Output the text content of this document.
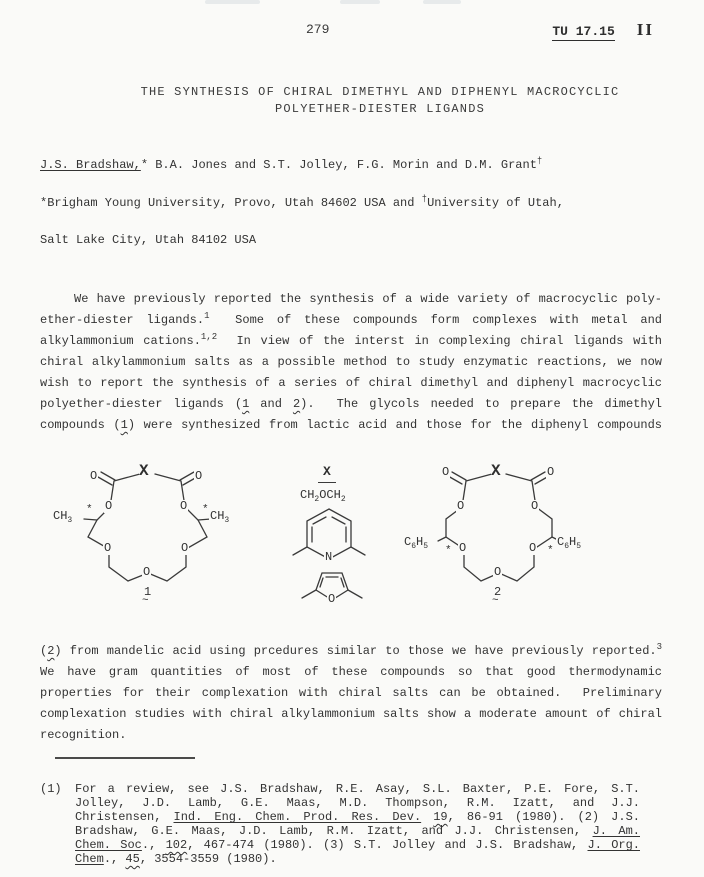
279	TU 17.15 II
THE SYNTHESIS OF CHIRAL DIMETHYL AND DIPHENYL MACROCYCLIC
POLYETHER-DIESTER LIGANDS
J.S. Bradshaw,* B.A. Jones and S.T. Jolley, F.G. Morin and D.M. Grant†
*Brigham Young University, Provo, Utah 84602 USA and †University of Utah,
Salt Lake City, Utah 84102 USA
We have previously reported the synthesis of a wide variety of macrocyclic poly-
ether-diester ligands.$^1$  Some of these compounds form complexes with metal and
alkylammonium cations.$^{1,2}$  In view of the interst in complexing chiral ligands with
chiral alkylammonium salts as a possible method to study enzymatic reactions, we now
wish to report the synthesis of a series of chiral dimethyl and diphenyl macrocyclic
polyether-diester ligands (1 and 2).  The glycols needed to prepare the dimethyl
compounds (1) were synthesized from lactic acid and those for the diphenyl compounds
X
O	O
O	O
O	O
O
$CH_3$	$CH_3$
*	*
1
~
X
$CH_2OCH_2$
N
O
X
O	O
O	O
O	O
O
$C_6H_5$	$C_6H_5$
*	*
2
~
(2) from mandelic acid using prcedures similar to those we have previously reported.$^3$
We have gram quantities of most of these compounds so that good thermodynamic
properties for their complexation with chiral salts can be obtained.  Preliminary
complexation studies with chiral alkylammonium salts show a moderate amount of chiral
recognition.
(1) For a review, see J.S. Bradshaw, R.E. Asay, S.L. Baxter, P.E. Fore, S.T.
Jolley, J.D. Lamb, G.E. Maas, M.D. Thompson, R.M. Izatt, and J.J.
Christensen, Ind. Eng. Chem. Prod. Res. Dev. 19, 86-91 (1980). (2) J.S.
Bradshaw, G.E. Maas, J.D. Lamb, R.M. Izatt, and J.J. Christensen, J. Am.
Chem. Soc., 102, 467-474 (1980). (3) S.T. Jolley and J.S. Bradshaw, J. Org.
Chem., 45, 3554-3559 (1980).
